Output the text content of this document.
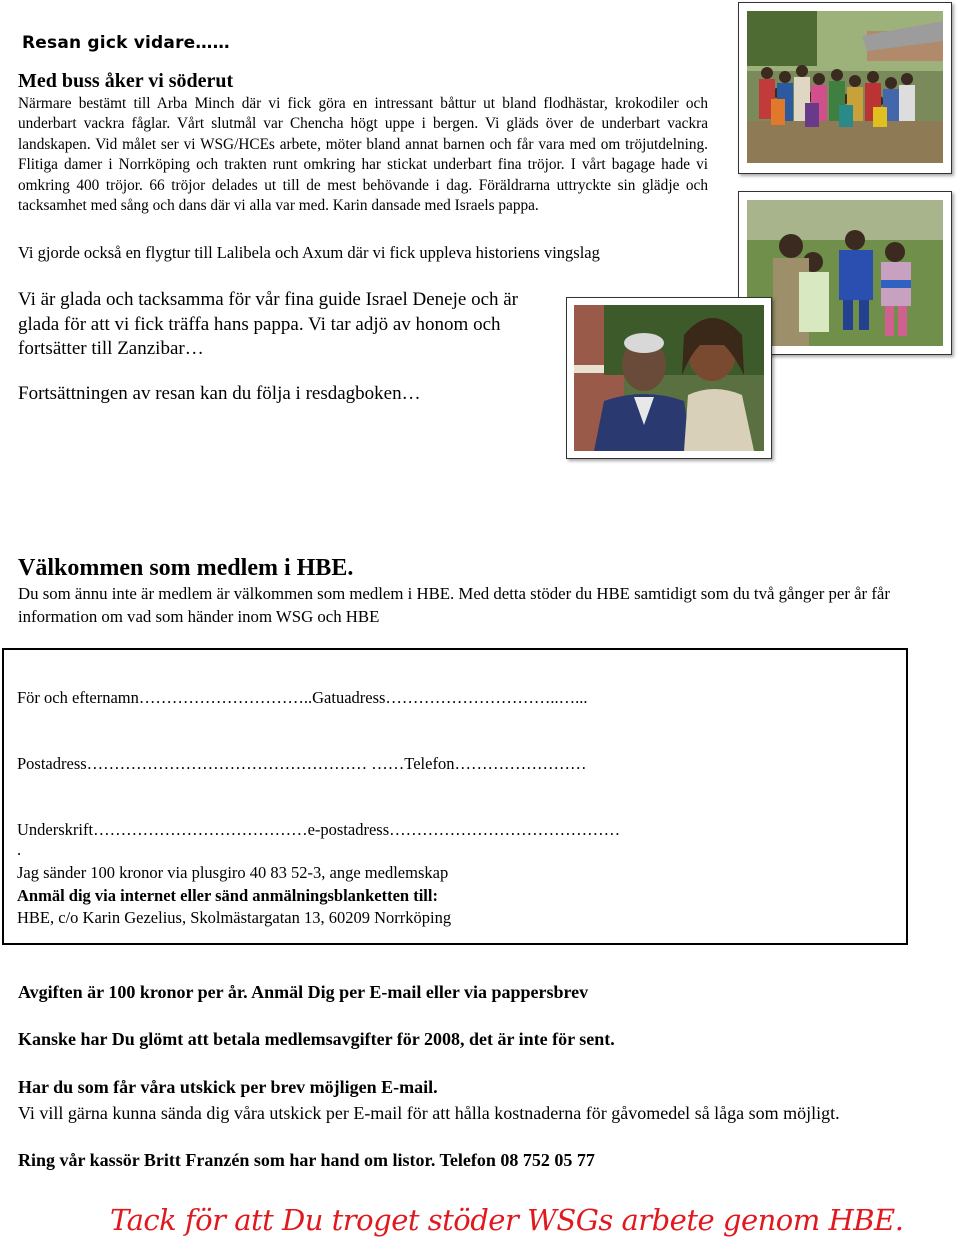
Resan gick vidare……
Med buss åker vi söderut

Närmare bestämt till Arba Minch där vi fick göra en intressant båttur ut bland flodhästar, krokodiler och underbart vackra fåglar. Vårt slutmål var Chencha högt uppe i bergen. Vi gläds över de underbart vackra landskapen. Vid målet ser vi WSG/HCEs arbete, möter bland annat barnen och får vara med om tröjutdelning. Flitiga damer i Norrköping och trakten runt omkring har stickat underbart fina tröjor. I vårt bagage hade vi omkring 400 tröjor. 66 tröjor delades ut till de mest behövande i dag. Föräldrarna uttryckte sin glädje och tacksamhet med sång och dans där vi alla var med. Karin dansade med Israels pappa.

Vi gjorde också en flygtur till Lalibela och Axum där vi fick uppleva historiens vingslag
Vi är glada och tacksamma för vår fina guide Israel Deneje och är glada för att vi fick träffa hans pappa. Vi tar adjö av honom och fortsätter till Zanzibar…
Fortsättningen av resan kan du följa i resdagboken…
Välkommen som medlem i HBE.
Du som ännu inte är medlem är välkommen som medlem i HBE. Med detta stöder du HBE samtidigt som du två gånger per år får information om vad som händer inom WSG och HBE
För och efternamn…………………………..Gatuadress…………………………..…...
Postadress…………………………………………… ……Telefon……………………
Underskrift…………………………………e-postadress……………………………………
.
Jag sänder 100 kronor via plusgiro 40 83 52-3, ange medlemskap
Anmäl dig via internet eller sänd anmälningsblanketten till:
HBE, c/o Karin Gezelius, Skolmästargatan 13, 60209 Norrköping
Avgiften är 100 kronor per år. Anmäl Dig per E-mail eller via pappersbrev
Kanske har Du glömt att betala medlemsavgifter för 2008, det är inte för sent.
Har du som får våra utskick per brev möjligen E-mail.
Vi vill gärna kunna sända dig våra utskick per E-mail för att hålla kostnaderna för gåvomedel så låga som möjligt.
Ring vår kassör Britt Franzén som har hand om listor. Telefon 08 752 05 77
Tack för att Du troget stöder WSGs arbete genom HBE.
